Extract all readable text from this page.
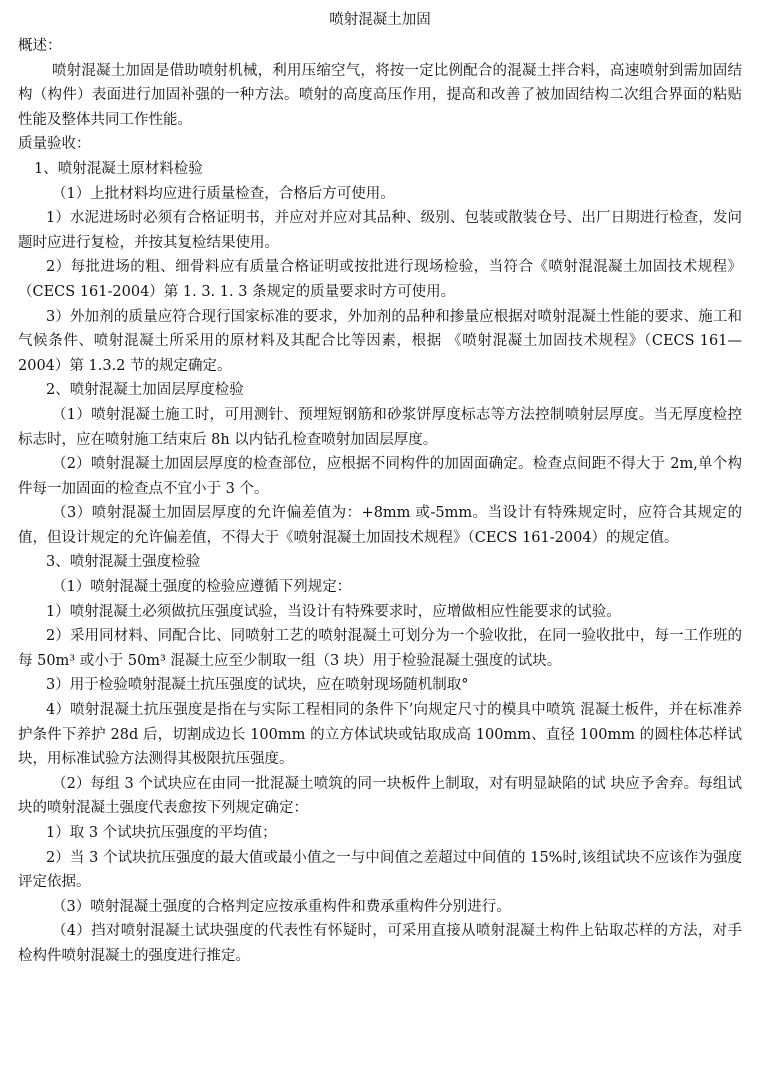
喷射混凝土加固
概述：

喷射混凝土加固是借助喷射机械，利用压缩空气，将按一定比例配合的混凝土拌合料，高速喷射到需加固结构（构件）表面进行加固补强的一种方法。喷射的高度高压作用，提高和改善了被加固结构二次组合界面的粘贴性能及整体共同工作性能。

质量验收：
1、喷射混凝土原材料检验

（1）上批材料均应进行质量检查，合格后方可使用。

1）水泥进场时必须有合格证明书，并应对并应对其品种、级别、包装或散装仓号、出厂日期进行检查，发问题时应进行复检，并按其复检结果使用。

2）每批进场的粗、细骨料应有质量合格证明或按批进行现场检验，当符合《喷射混混凝土加固技术规程》（CECS 161-2004）第 1. 3. 1. 3 条规定的质量要求时方可使用。

3）外加剂的质量应符合现行国家标准的要求，外加剂的品种和掺量应根据对喷射混凝土性能的要求、施工和气候条件、喷射混凝土所采用的原材料及其配合比等因素，根据 《喷射混凝土加固技术规程》（CECS 161—2004）第 1.3.2 节的规定确定。

2、喷射混凝土加固层厚度检验

（1）喷射混凝土施工时，可用测针、预埋短钢筋和砂浆饼厚度标志等方法控制喷射层厚度。当无厚度检控标志时，应在喷射施工结束后 8h 以内钻孔检查喷射加固层厚度。

（2）喷射混凝土加固层厚度的检查部位，应根据不同构件的加固面确定。检查点间距不得大于 2m,单个构件每一加固面的检查点不宜小于 3 个。

（3）喷射混凝土加固层厚度的允许偏差值为：+8mm 或-5mm。当设计有特殊规定时，应符合其规定的值，但设计规定的允许偏差值，不得大于《喷射混凝土加固技术规程》（CECS 161-2004）的规定值。

3、喷射混凝土强度检验

（1）喷射混凝土强度的检验应遵循下列规定：

1）喷射混凝土必须做抗压强度试验，当设计有特殊要求时，应增做相应性能要求的试验。

2）采用同材料、同配合比、同喷射工艺的喷射混凝土可划分为一个验收批，在同一验收批中，每一工作班的每 50m³ 或小于 50m³ 混凝土应至少制取一组（3 块）用于检验混凝土强度的试块。

3）用于检验喷射混凝土抗压强度的试块，应在喷射现场随机制取°

4）喷射混凝土抗压强度是指在与实际工程相同的条件下’向规定尺寸的模具中喷筑 混凝土板件，并在标准养护条件下养护 28d 后，切割成边长 100mm 的立方体试块或钻取成高 100mm、直径 100mm 的圆柱体芯样试块，用标准试验方法测得其极限抗压强度。

（2）每组 3 个试块应在由同一批混凝土喷筑的同一块板件上制取，对有明显缺陷的试 块应予舍弃。每组试块的喷射混凝土强度代表愈按下列规定确定：

1）取 3 个试块抗压强度的平均值；

2）当 3 个试块抗压强度的最大值或最小值之一与中间值之差超过中间值的 15%时,该组试块不应该作为强度评定依据。

（3）喷射混凝土强度的合格判定应按承重构件和费承重构件分别进行。

（4）挡对喷射混凝土试块强度的代表性有怀疑时，可采用直接从喷射混凝土构件上钻取芯样的方法，对手检构件喷射混凝土的强度进行推定。
